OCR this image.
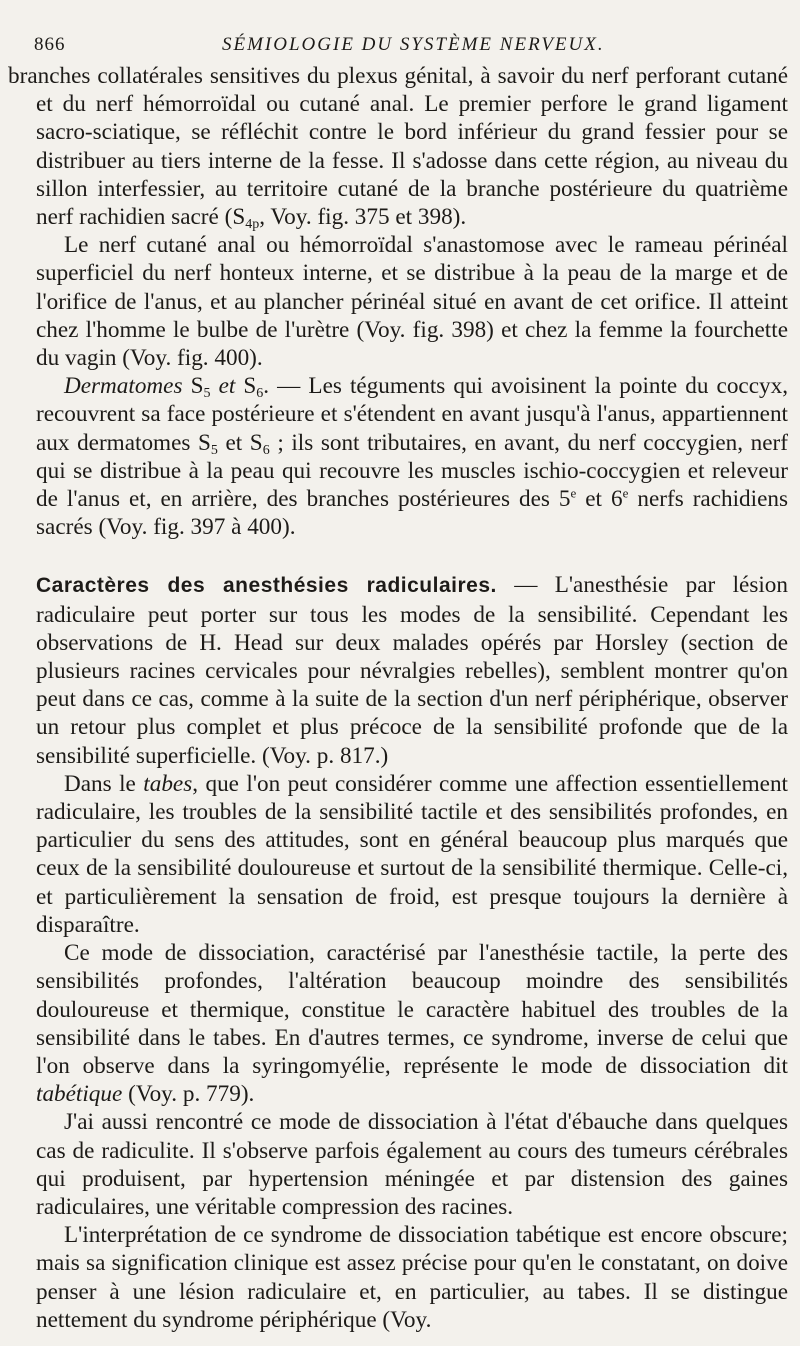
866	SÉMIOLOGIE DU SYSTÈME NERVEUX.

branches collatérales sensitives du plexus génital, à savoir du nerf perforant cutané et du nerf hémorroïdal ou cutané anal. Le premier perfore le grand ligament sacro-sciatique, se réfléchit contre le bord inférieur du grand fessier pour se distribuer au tiers interne de la fesse. Il s'adosse dans cette région, au niveau du sillon interfessier, au territoire cutané de la branche postérieure du quatrième nerf rachidien sacré ($S_{4p}$, Voy. fig. 375 et 398).

Le nerf cutané anal ou hémorroïdal s'anastomose avec le rameau périnéal superficiel du nerf honteux interne, et se distribue à la peau de la marge et de l'orifice de l'anus, et au plancher périnéal situé en avant de cet orifice. Il atteint chez l'homme le bulbe de l'urètre (Voy. fig. 398) et chez la femme la fourchette du vagin (Voy. fig. 400).

Dermatomes $S_5$ et $S_6$. — Les téguments qui avoisinent la pointe du coccyx, recouvrent sa face postérieure et s'étendent en avant jusqu'à l'anus, appartiennent aux dermatomes $S_5$ et $S_6$ ; ils sont tributaires, en avant, du nerf coccygien, nerf qui se distribue à la peau qui recouvre les muscles ischio-coccygien et releveur de l'anus et, en arrière, des branches postérieures des 5e et 6e nerfs rachidiens sacrés (Voy. fig. 397 à 400).

Caractères des anesthésies radiculaires. — L'anesthésie par lésion radiculaire peut porter sur tous les modes de la sensibilité. Cependant les observations de H. Head sur deux malades opérés par Horsley (section de plusieurs racines cervicales pour névralgies rebelles), semblent montrer qu'on peut dans ce cas, comme à la suite de la section d'un nerf périphérique, observer un retour plus complet et plus précoce de la sensibilité profonde que de la sensibilité superficielle. (Voy. p. 817.)

Dans le tabes, que l'on peut considérer comme une affection essentiellement radiculaire, les troubles de la sensibilité tactile et des sensibilités profondes, en particulier du sens des attitudes, sont en général beaucoup plus marqués que ceux de la sensibilité douloureuse et surtout de la sensibilité thermique. Celle-ci, et particulièrement la sensation de froid, est presque toujours la dernière à disparaître.

Ce mode de dissociation, caractérisé par l'anesthésie tactile, la perte des sensibilités profondes, l'altération beaucoup moindre des sensibilités douloureuse et thermique, constitue le caractère habituel des troubles de la sensibilité dans le tabes. En d'autres termes, ce syndrome, inverse de celui que l'on observe dans la syringomyélie, représente le mode de dissociation dit tabétique (Voy. p. 779).

J'ai aussi rencontré ce mode de dissociation à l'état d'ébauche dans quelques cas de radiculite. Il s'observe parfois également au cours des tumeurs cérébrales qui produisent, par hypertension méningée et par distension des gaines radiculaires, une véritable compression des racines.

L'interprétation de ce syndrome de dissociation tabétique est encore obscure; mais sa signification clinique est assez précise pour qu'en le constatant, on doive penser à une lésion radiculaire et, en particulier, au tabes. Il se distingue nettement du syndrome périphérique (Voy.
